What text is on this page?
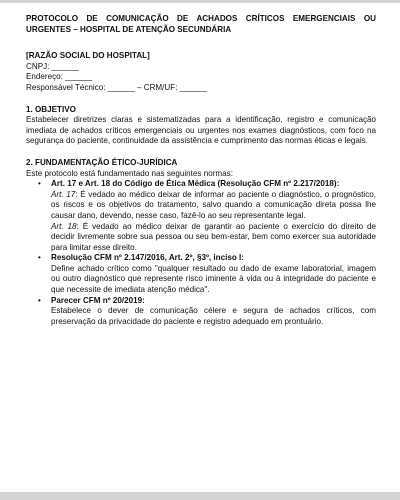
PROTOCOLO DE COMUNICAÇÃO DE ACHADOS CRÍTICOS EMERGENCIAIS OU URGENTES – HOSPITAL DE ATENÇÃO SECUNDÁRIA
[RAZÃO SOCIAL DO HOSPITAL]
CNPJ: ______
Endereço: ______
Responsável Técnico: ______ – CRM/UF: ______
1. OBJETIVO
Estabelecer diretrizes claras e sistematizadas para a identificação, registro e comunicação imediata de achados críticos emergenciais ou urgentes nos exames diagnósticos, com foco na segurança do paciente, continuidade da assistência e cumprimento das normas éticas e legais.
2. FUNDAMENTAÇÃO ÉTICO-JURÍDICA
Este protocolo está fundamentado nas seguintes normas:
• Art. 17 e Art. 18 do Código de Ética Médica (Resolução CFM nº 2.217/2018):
Art. 17: É vedado ao médico deixar de informar ao paciente o diagnóstico, o prognóstico, os riscos e os objetivos do tratamento, salvo quando a comunicação direta possa lhe causar dano, devendo, nesse caso, fazê-lo ao seu representante legal.
Art. 18: É vedado ao médico deixar de garantir ao paciente o exercício do direito de decidir livremente sobre sua pessoa ou seu bem-estar, bem como exercer sua autoridade para limitar esse direito.
• Resolução CFM nº 2.147/2016, Art. 2º, §3º, inciso I:
Define achado crítico como "qualquer resultado ou dado de exame laboratorial, imagem ou outro diagnóstico que represente risco iminente à vida ou à integridade do paciente e que necessite de imediata atenção médica".
• Parecer CFM nº 20/2019:
Estabelece o dever de comunicação célere e segura de achados críticos, com preservação da privacidade do paciente e registro adequado em prontuário.
